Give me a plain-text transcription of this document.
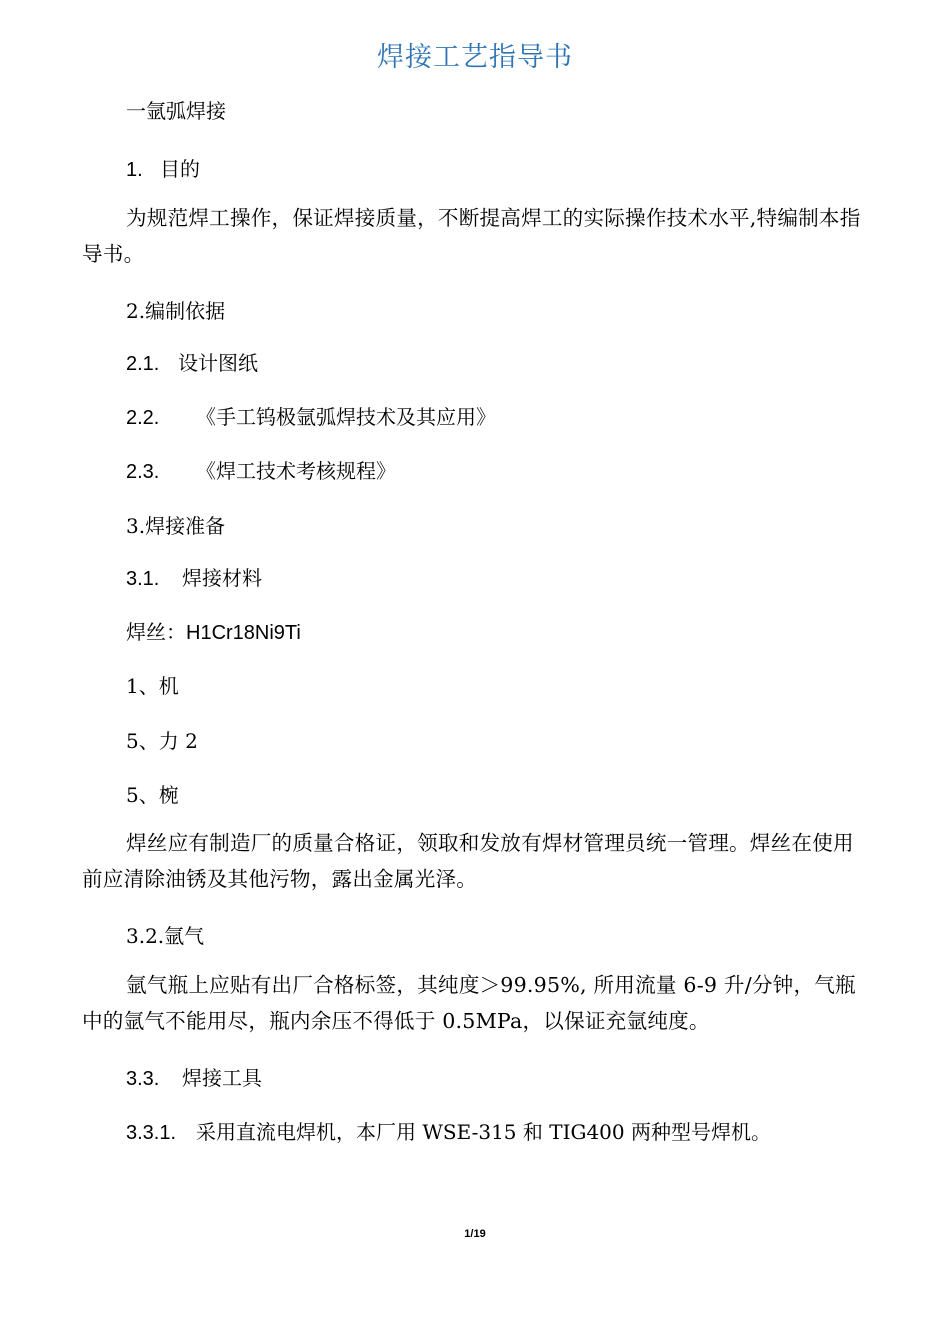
焊接工艺指导书
一氩弧焊接
1. 目的
为规范焊工操作，保证焊接质量，不断提高焊工的实际操作技术水平,特编制本指导书。
2.编制依据
2.1. 设计图纸
2.2. 《手工钨极氩弧焊技术及其应用》
2.3. 《焊工技术考核规程》
3.焊接准备
3.1. 焊接材料
焊丝：H1Cr18Ni9Ti
1、机
5、力 2
5、椀
焊丝应有制造厂的质量合格证，领取和发放有焊材管理员统一管理。焊丝在使用前应清除油锈及其他污物，露出金属光泽。
3.2.氩气
氩气瓶上应贴有出厂合格标签，其纯度＞99.95%, 所用流量 6-9 升/分钟，气瓶中的氩气不能用尽，瓶内余压不得低于 0.5MPa，以保证充氩纯度。
3.3. 焊接工具
3.3.1. 采用直流电焊机，本厂用 WSE-315 和 TIG400 两种型号焊机。
1/19
